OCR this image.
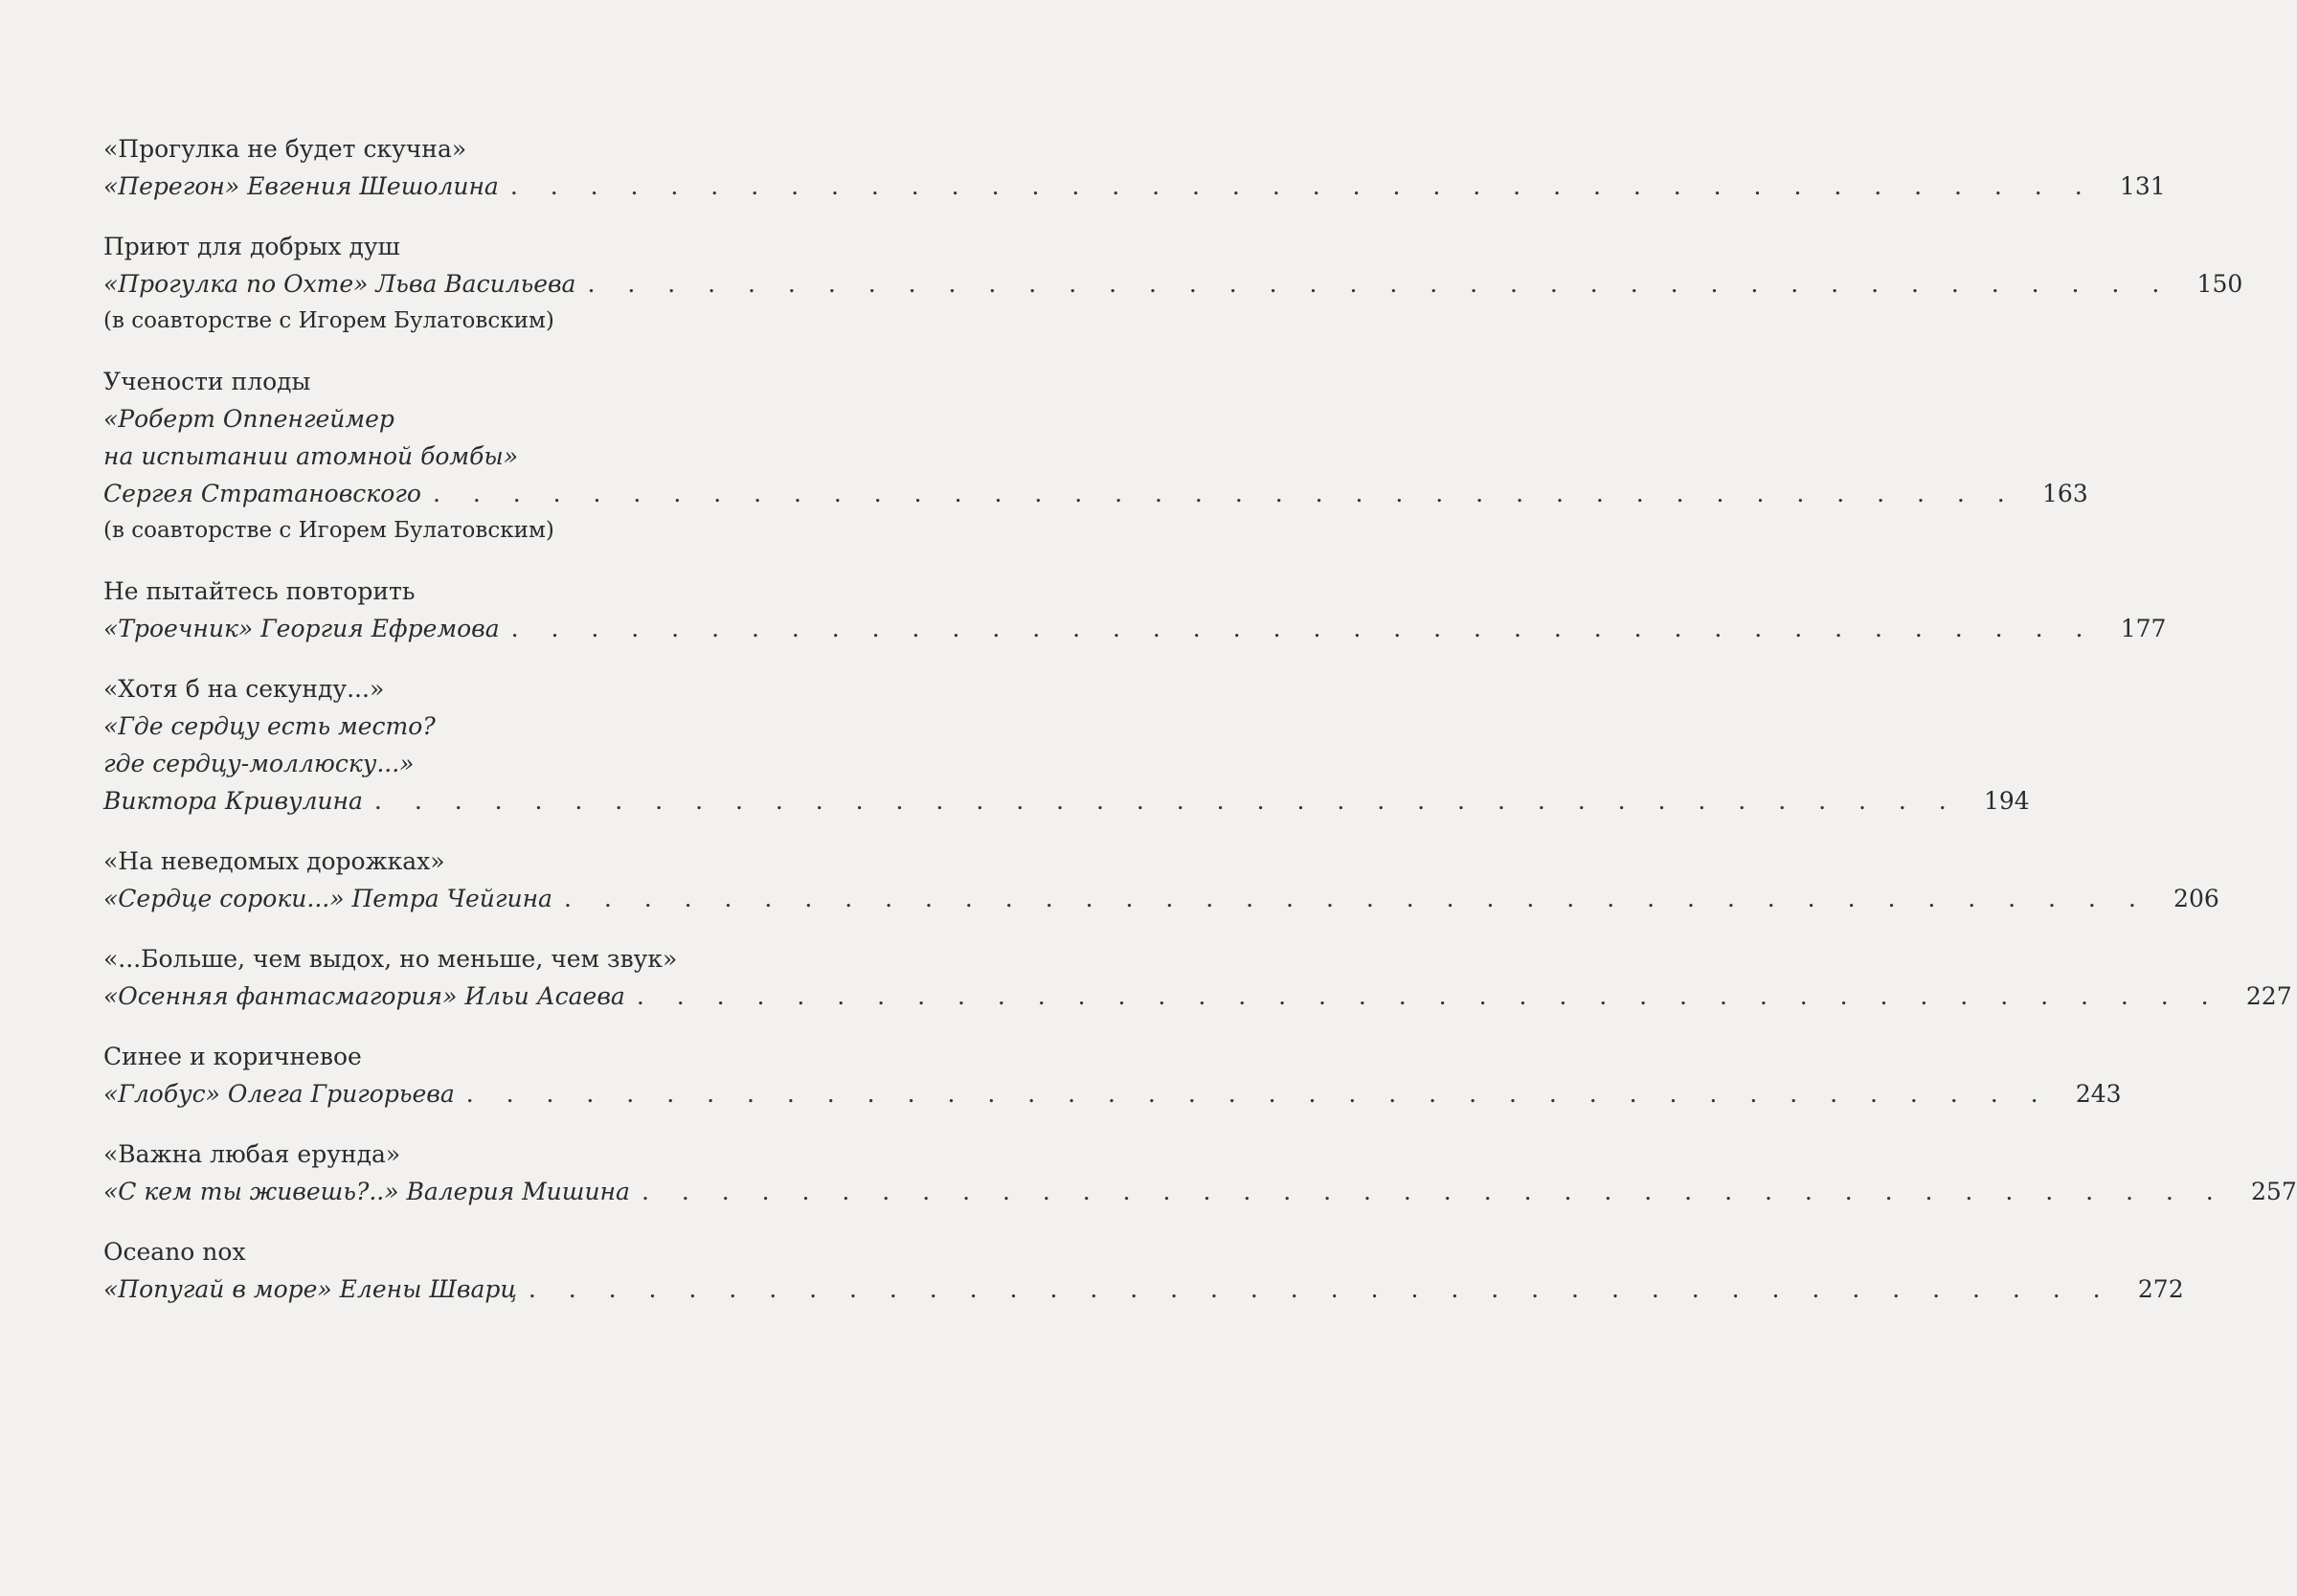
«Прогулка не будет скучна»
«Перегон» Евгения Шешолина . . . . . . . . . . . . . . . . . . . . . . . . . . . . . . . . . . . . . . . .	131
Приют для добрых душ
«Прогулка по Охте» Льва Васильева . . . . . . . . . . . . . . . . . . . . . . . . . . . . . . . . . . . . . . . .	150
(в соавторстве с Игорем Булатовским)
Учености плоды
«Роберт Оппенгеймер
на испытании атомной бомбы»
Сергея Стратановского . . . . . . . . . . . . . . . . . . . . . . . . . . . . . . . . . . . . . . . .	163
(в соавторстве с Игорем Булатовским)
Не пытайтесь повторить
«Троечник» Георгия Ефремова . . . . . . . . . . . . . . . . . . . . . . . . . . . . . . . . . . . . . . . .	177
«Хотя б на секунду...»
«Где сердцу есть место?
где сердцу-моллюску...»
Виктора Кривулина . . . . . . . . . . . . . . . . . . . . . . . . . . . . . . . . . . . . . . . .	194
«На неведомых дорожках»
«Сердце сороки...» Петра Чейгина . . . . . . . . . . . . . . . . . . . . . . . . . . . . . . . . . . . . . . . .	206
«...Больше, чем выдох, но меньше, чем звук»
«Осенняя фантасмагория» Ильи Асаева . . . . . . . . . . . . . . . . . . . . . . . . . . . . . . . . . . . . . . . .	227
Синее и коричневое
«Глобус» Олега Григорьева . . . . . . . . . . . . . . . . . . . . . . . . . . . . . . . . . . . . . . . .	243
«Важна любая ерунда»
«С кем ты живешь?..» Валерия Мишина . . . . . . . . . . . . . . . . . . . . . . . . . . . . . . . . . . . . . . . .	257
Oceano nox
«Попугай в море» Елены Шварц . . . . . . . . . . . . . . . . . . . . . . . . . . . . . . . . . . . . . . . .	272
